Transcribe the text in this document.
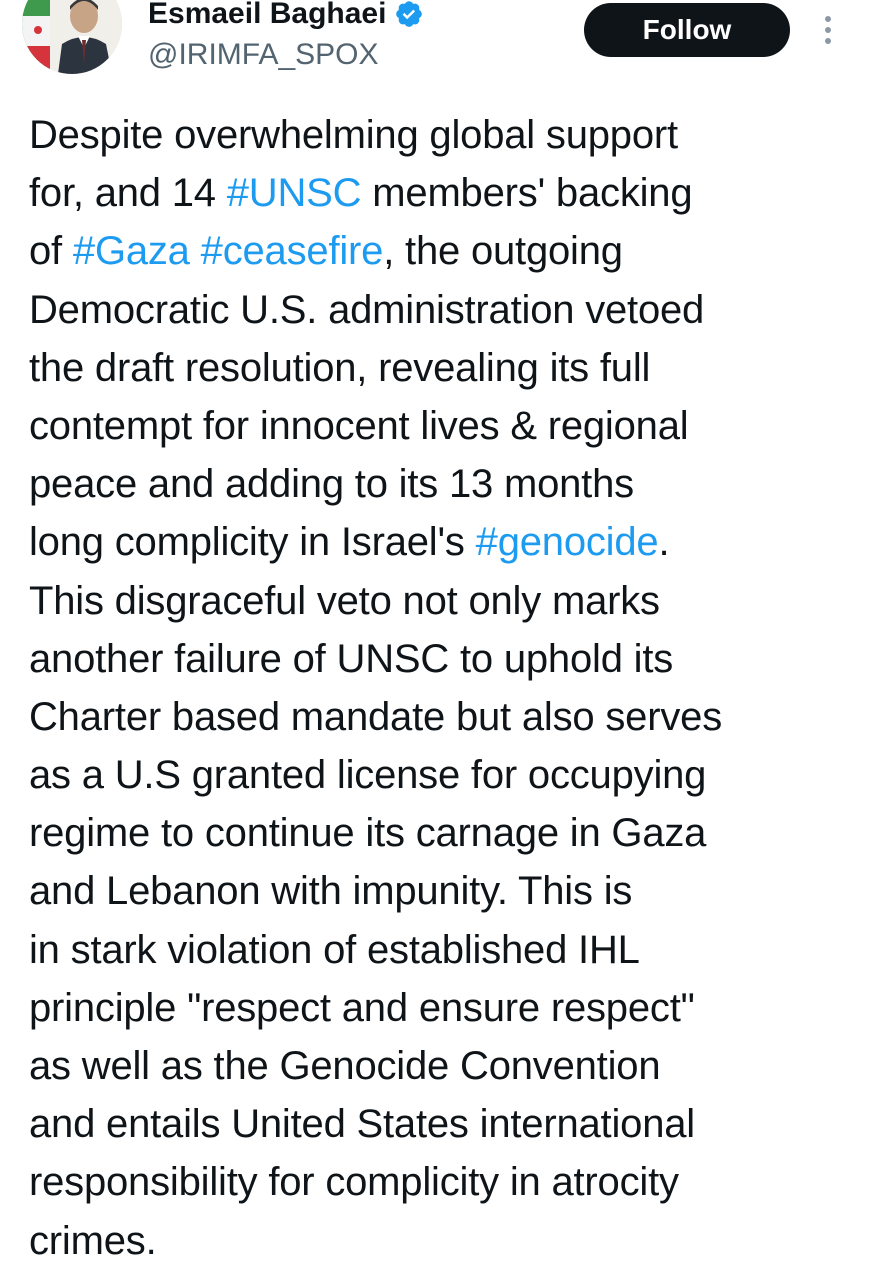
Esmaeil Baghaei
@IRIMFA_SPOX
Follow
Despite overwhelming global support
for, and 14 #UNSC members' backing
of #Gaza #ceasefire, the outgoing
Democratic U.S. administration vetoed
the draft resolution, revealing its full
contempt for innocent lives & regional
peace and adding to its 13 months
long complicity in Israel's #genocide.
This disgraceful veto not only marks
another failure of UNSC to uphold its
Charter based mandate but also serves
as a U.S granted license for occupying
regime to continue its carnage in Gaza
and Lebanon with impunity. This is
in stark violation of established IHL
principle "respect and ensure respect"
as well as the Genocide Convention
and entails United States international
responsibility for complicity in atrocity
crimes.
